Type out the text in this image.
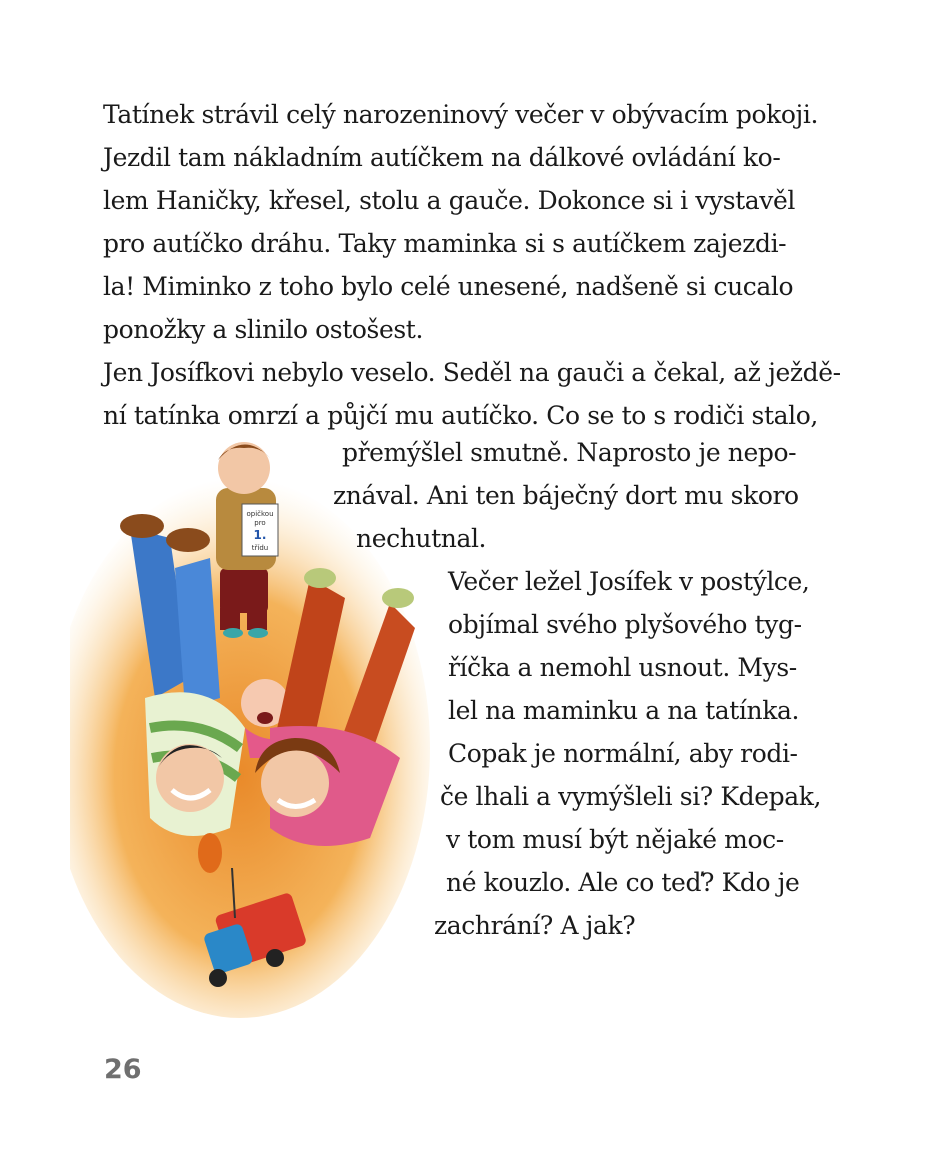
opičkou
pro
1.
třídu
Tatínek strávil celý narozeninový večer v obývacím pokoji.
Jezdil tam nákladním autíčkem na dálkové ovládání ko-
lem Haničky, křesel, stolu a gauče. Dokonce si i vystavěl
pro autíčko dráhu. Taky maminka si s autíčkem zajezdi-
la! Miminko z toho bylo celé unesené, nadšeně si cucalo
ponožky a slinilo ostošest.
Jen Josífkovi nebylo veselo. Seděl na gauči a čekal, až ježdě-
ní tatínka omrzí a půjčí mu autíčko. Co se to s rodiči stalo,
přemýšlel smutně. Naprosto je nepo-
znával. Ani ten báječný dort mu skoro
nechutnal.
Večer ležel Josífek v postýlce,
objímal svého plyšového tyg-
říčka a nemohl usnout. Mys-
lel na maminku a na tatínka.
Copak je normální, aby rodi-
če lhali a vymýšleli si? Kdepak,
v tom musí být nějaké moc-
né kouzlo. Ale co teď? Kdo je
zachrání? A jak?
26
